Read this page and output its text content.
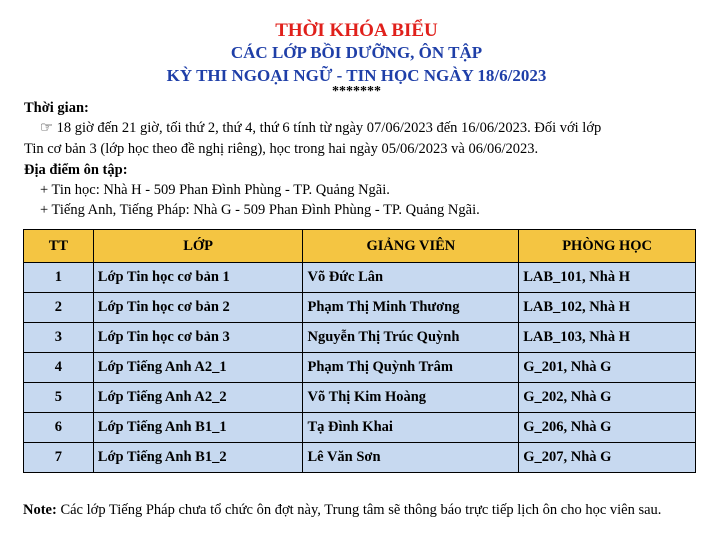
THỜI KHÓA BIỂU
CÁC LỚP BỒI DƯỠNG, ÔN TẬP
KỲ THI NGOẠI NGỮ - TIN HỌC NGÀY 18/6/2023
*******
Thời gian:
☞ 18 giờ đến 21 giờ, tối thứ 2, thứ 4, thứ 6 tính từ ngày 07/06/2023 đến 16/06/2023. Đối với lớp
Tin cơ bản 3 (lớp học theo đề nghị riêng), học trong hai ngày 05/06/2023 và 06/06/2023.
Địa điểm ôn tập:
+ Tin học: Nhà H - 509 Phan Đình Phùng - TP. Quảng Ngãi.
+ Tiếng Anh, Tiếng Pháp: Nhà G - 509 Phan Đình Phùng - TP. Quảng Ngãi.
TT	LỚP	GIẢNG VIÊN	PHÒNG HỌC
1	Lớp Tin học cơ bản 1	Võ Đức Lân	LAB_101, Nhà H
2	Lớp Tin học cơ bản 2	Phạm Thị Minh Thương	LAB_102, Nhà H
3	Lớp Tin học cơ bản 3	Nguyễn Thị Trúc Quỳnh	LAB_103, Nhà H
4	Lớp Tiếng Anh A2_1	Phạm Thị Quỳnh Trâm	G_201, Nhà G
5	Lớp Tiếng Anh A2_2	Võ Thị Kim Hoàng	G_202, Nhà G
6	Lớp Tiếng Anh B1_1	Tạ Đình Khai	G_206, Nhà G
7	Lớp Tiếng Anh B1_2	Lê Văn Sơn	G_207, Nhà G
Note: Các lớp Tiếng Pháp chưa tổ chức ôn đợt này, Trung tâm sẽ thông báo trực tiếp lịch ôn cho học viên sau.
